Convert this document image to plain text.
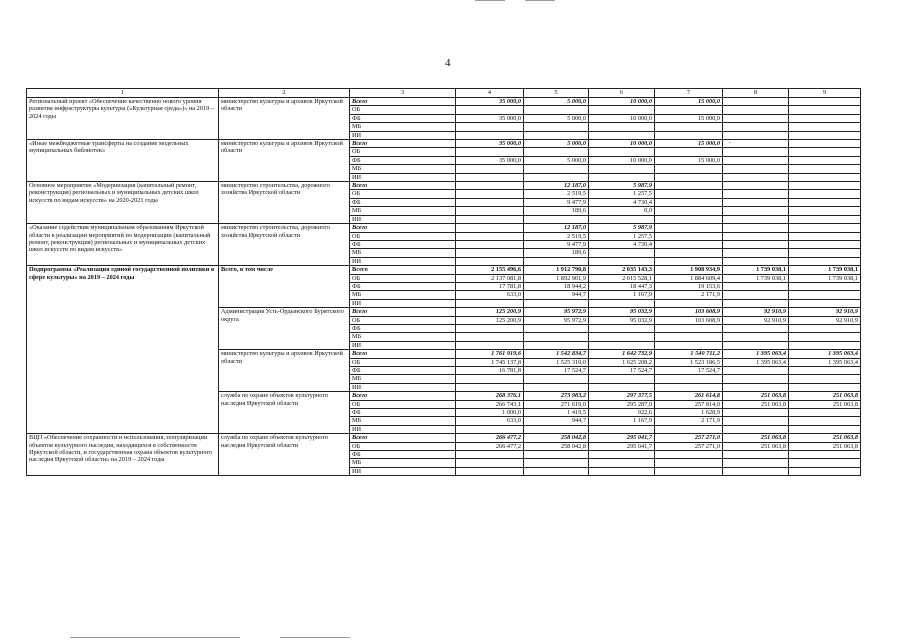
4
`
1	2	3	4	5	6	7	8	9
Региональный проект «Обеспечение качественно нового уровня развития инфраструктуры культуры («Культурная среда»)» на 2019 – 2024 годы	министерство культуры и архивов Иркутской области	Всего	35 000,0	5 000,0	10 000,0	15 000,0		
		ОБ						
		ФБ	35 000,0	5 000,0	10 000,0	15 000,0		
		МБ						
		ИИ						
«Иные межбюджетные трансферты на создание модельных муниципальных библиотек»	министерство культуры и архивов Иркутской области	Всего	35 000,0	5 000,0	10 000,0	15 000,0		
		ОБ						
		ФБ	35 000,0	5 000,0	10 000,0	15 000,0		
		МБ						
		ИИ						
Основное мероприятие «Модернизация (капитальный ремонт, реконструкция) региональных и муниципальных детских школ искусств по видам искусств» на 2020-2021 годы	министерство строительства, дорожного хозяйства Иркутской области	Всего		12 187,0	5 987,9			
		ОБ		2 519,5	1 257,5			
		ФБ		9 477,9	4 730,4			
		МБ		189,6	0,0			
		ИИ						
«Оказание содействия муниципальным образованиям Иркутской области в реализации мероприятий по модернизации (капитальный ремонт, реконструкция) региональных и муниципальных детских школ искусств по видам искусств»	министерство строительства, дорожного хозяйства Иркутской области	Всего		12 187,0	5 987,9			
		ОБ		2 519,5	1 257,5			
		ФБ		9 477,9	4 730,4			
		МБ		189,6				
		ИИ						
Подпрограмма «Реализация единой государственной политики в сфере культуры» на 2019 – 2024 годы	Всего, в том числе	Всего	2 155 496,6	1 912 790,8	2 035 143,3	1 908 934,9	1 739 038,1	1 739 038,1
		ОБ	2 137 081,8	1 892 901,9	2 015 528,1	1 884 609,4	1 739 038,1	1 739 038,1
		ФБ	17 781,8	18 944,2	18 447,3	19 153,6		
		МБ	633,0	944,7	1 167,9	2 171,9		
		ИИ						
	Администрация Усть-Ордынского Бурятского округа	Всего	125 200,9	95 972,9	95 032,9	103 608,9	92 910,9	92 910,9
		ОБ	125 200,9	95 972,9	95 032,9	103 608,9	92 910,9	92 910,9
		ФБ						
		МБ						
		ИИ						
	министерство культуры и архивов Иркутской области	Всего	1 761 919,6	1 542 834,7	1 642 732,9	1 540 711,2	1 395 063,4	1 395 063,4
		ОБ	1 745 137,8	1 525 310,0	1 625 208,2	1 523 186,5	1 395 063,4	1 395 063,4
		ФБ	16 781,8	17 524,7	17 524,7	17 524,7		
		МБ						
		ИИ						
	служба по охране объектов культурного наследия Иркутской области	Всего	268 376,1	273 983,2	297 377,5	261 614,8	251 063,8	251 063,8
		ОБ	266 743,1	271 619,0	295 287,0	257 814,0	251 063,8	251 063,8
		ФБ	1 000,0	1 419,5	922,6	1 628,9		
		МБ	633,0	944,7	1 167,9	2 171,9		
		ИИ						
ВЦП «Обеспечение сохранности и использования, популяризации объектов культурного наследия, находящихся в собственности Иркутской области, и государственная охрана объектов культурного наследия Иркутской области» на 2019 – 2024 годы	служба по охране объектов культурного наследия Иркутской области	Всего	266 477,2	258 042,8	295 041,7	257 271,0	251 063,8	251 063,8
		ОБ	266 477,2	258 042,8	295 041,7	257 271,0	251 063,8	251 063,8
		ФБ						
		МБ						
		ИИ						
